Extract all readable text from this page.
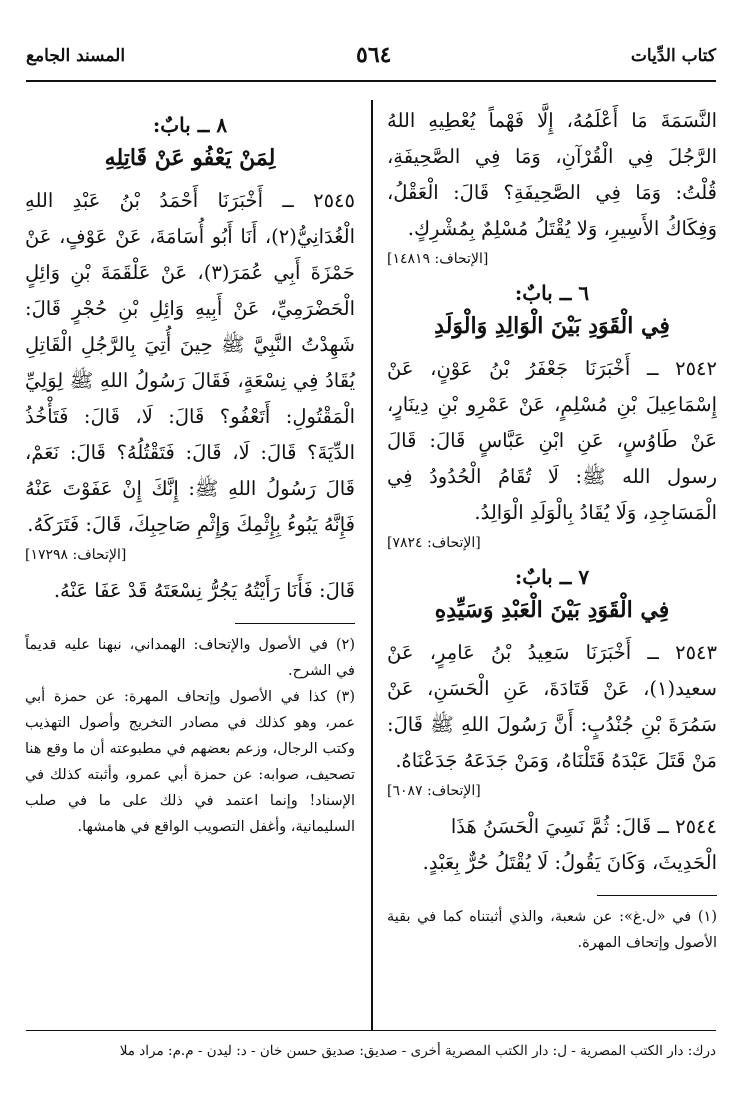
كتاب الدِّيات
٥٦٤
المسند الجامع

النَّسَمَةَ مَا أَعْلَمُهُ، إِلَّا فَهْماً يُعْطِيهِ اللهُ الرَّجُلَ فِي الْقُرْآنِ، وَمَا فِي الصَّحِيفَةِ، قُلْتُ: وَمَا فِي الصَّحِيفَةِ؟ قَالَ: الْعَقْلُ، وَفِكَاكُ الأَسِيرِ، وَلا يُقْتَلُ مُسْلِمٌ بِمُشْرِكٍ.

[الإتحاف: ١٤٨١٩]

٦ ــ بابٌ:
فِي الْقَوَدِ بَيْنَ الْوَالِدِ وَالْوَلَدِ

٢٥٤٢ ــ أَخْبَرَنَا جَعْفَرُ بْنُ عَوْنٍ، عَنْ إِسْمَاعِيلَ بْنِ مُسْلِمٍ، عَنْ عَمْرِو بْنِ دِينَارٍ، عَنْ طَاوُسٍ، عَنِ ابْنِ عَبَّاسٍ قَالَ: قَالَ رسول الله ﷺ: لَا تُقَامُ الْحُدُودُ فِي الْمَسَاجِدِ، وَلَا يُقَادُ بِالْوَلَدِ الْوَالِدُ.

[الإتحاف: ٧٨٢٤]

٧ ــ بابٌ:
فِي الْقَوَدِ بَيْنَ الْعَبْدِ وَسَيِّدِهِ

٢٥٤٣ ــ أَخْبَرَنَا سَعِيدُ بْنُ عَامِرٍ، عَنْ سعيد(١)، عَنْ قَتَادَةَ، عَنِ الْحَسَنِ، عَنْ سَمُرَةَ بْنِ جُنْدُبٍ: أَنَّ رَسُولَ اللهِ ﷺ قَالَ: مَنْ قَتَلَ عَبْدَهُ قَتَلْنَاهُ، وَمَنْ جَدَعَهُ جَدَعْنَاهُ.

[الإتحاف: ٦٠٨٧]

٢٥٤٤ ــ قَالَ: ثُمَّ نَسِيَ الْحَسَنُ هَذَا الْحَدِيثَ، وَكَانَ يَقُولُ: لَا يُقْتَلُ حُرٌّ بِعَبْدٍ.

(١) في «ل.غ»: عن شعبة، والذي أثبتناه كما في بقية الأصول وإتحاف المهرة.

٨ ــ بابٌ:
لِمَنْ يَعْفُو عَنْ قَاتِلِهِ

٢٥٤٥ ــ أَخْبَرَنَا أَحْمَدُ بْنُ عَبْدِ اللهِ الْغُدَانِيُّ(٢)، أَنَا أَبُو أُسَامَةَ، عَنْ عَوْفٍ، عَنْ حَمْزَةَ أَبِي عُمَرَ(٣)، عَنْ عَلْقَمَةَ بْنِ وَائِلٍ الْحَضْرَمِيِّ، عَنْ أَبِيهِ وَائِلِ بْنِ حُجْرٍ قَالَ: شَهِدْتُ النَّبِيَّ ﷺ حِينَ أُتِيَ بِالرَّجُلِ الْقَاتِلِ يُقَادُ فِي نِسْعَةٍ، فَقَالَ رَسُولُ اللهِ ﷺ لِوَلِيِّ الْمَقْتُولِ: أَتَعْفُو؟ قَالَ: لَا، قَالَ: فَتَأْخُذُ الدِّيَةَ؟ قَالَ: لَا، قَالَ: فَتَقْتُلُهُ؟ قَالَ: نَعَمْ، قَالَ رَسُولُ اللهِ ﷺ: إِنَّكَ إِنْ عَفَوْتَ عَنْهُ فَإِنَّهُ يَبُوءُ بِإِثْمِكَ وَإِثْمِ صَاحِبِكَ، قَالَ: فَتَرَكَهُ.

[الإتحاف: ١٧٢٩٨]

قَالَ: فَأَنَا رَأَيْتُهُ يَجُرُّ نِسْعَتَهُ قَدْ عَفَا عَنْهُ.

(٢) في الأصول والإتحاف: الهمداني، نبهنا عليه قديماً في الشرح.

(٣) كذا في الأصول وإتحاف المهرة: عن حمزة أبي عمر، وهو كذلك في مصادر التخريج وأصول التهذيب وكتب الرجال، وزعم بعضهم في مطبوعته أن ما وقع هنا تصحيف، صوابه: عن حمزة أبي عمرو، وأثبته كذلك في الإسناد! وإنما اعتمد في ذلك على ما في صلب السليمانية، وأغفل التصويب الواقع في هامشها.

درك: دار الكتب المصرية - ل: دار الكتب المصرية أخرى - صديق: صديق حسن خان - د: ليدن - م.م: مراد ملا
